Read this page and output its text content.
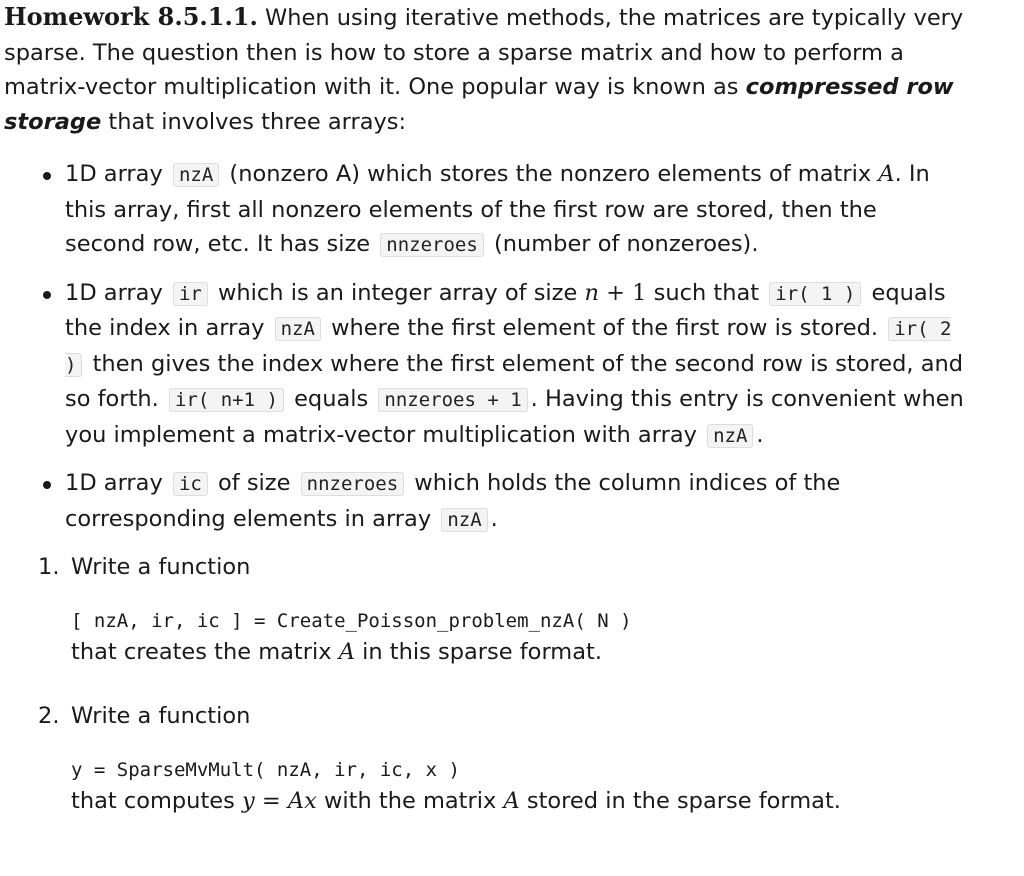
Homework 8.5.1.1. When using iterative methods, the matrices are typically very sparse. The question then is how to store a sparse matrix and how to perform a matrix-vector multiplication with it. One popular way is known as compressed row storage that involves three arrays:

1D array nzA (nonzero A) which stores the nonzero elements of matrix A. In this array, first all nonzero elements of the first row are stored, then the second row, etc. It has size nnzeroes (number of nonzeroes).
1D array ir which is an integer array of size n + 1 such that ir( 1 ) equals the index in array nzA where the first element of the first row is stored. ir( 2 ) then gives the index where the first element of the second row is stored, and so forth. ir( n+1 ) equals nnzeroes + 1 . Having this entry is convenient when you implement a matrix-vector multiplication with array nzA .
1D array ic of size nnzeroes which holds the column indices of the corresponding elements in array nzA .
1. Write a function
[ nzA, ir, ic ] = Create_Poisson_problem_nzA( N )
that creates the matrix A in this sparse format.
2. Write a function
y = SparseMvMult( nzA, ir, ic, x )
that computes y = Ax with the matrix A stored in the sparse format.
